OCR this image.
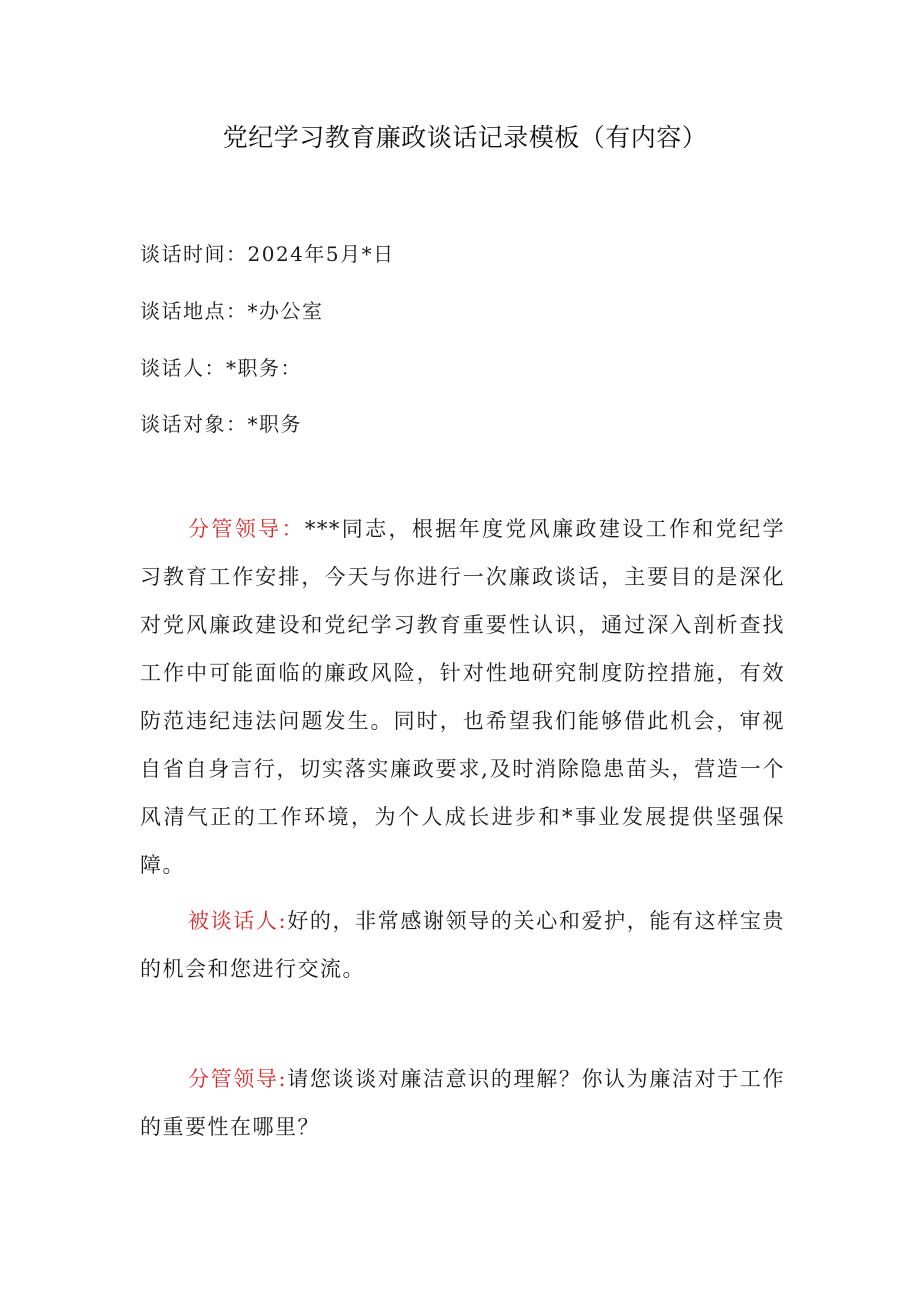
党纪学习教育廉政谈话记录模板（有内容）
谈话时间：2024年5月*日
谈话地点：*办公室
谈话人：*职务：
谈话对象：*职务

分管领导：***同志，根据年度党风廉政建设工作和党纪学习教育工作安排，今天与你进行一次廉政谈话，主要目的是深化对党风廉政建设和党纪学习教育重要性认识，通过深入剖析查找工作中可能面临的廉政风险，针对性地研究制度防控措施，有效防范违纪违法问题发生。同时，也希望我们能够借此机会，审视自省自身言行，切实落实廉政要求,及时消除隐患苗头，营造一个风清气正的工作环境，为个人成长进步和*事业发展提供坚强保障。

被谈话人:好的，非常感谢领导的关心和爱护，能有这样宝贵的机会和您进行交流。

分管领导:请您谈谈对廉洁意识的理解？你认为廉洁对于工作的重要性在哪里？
